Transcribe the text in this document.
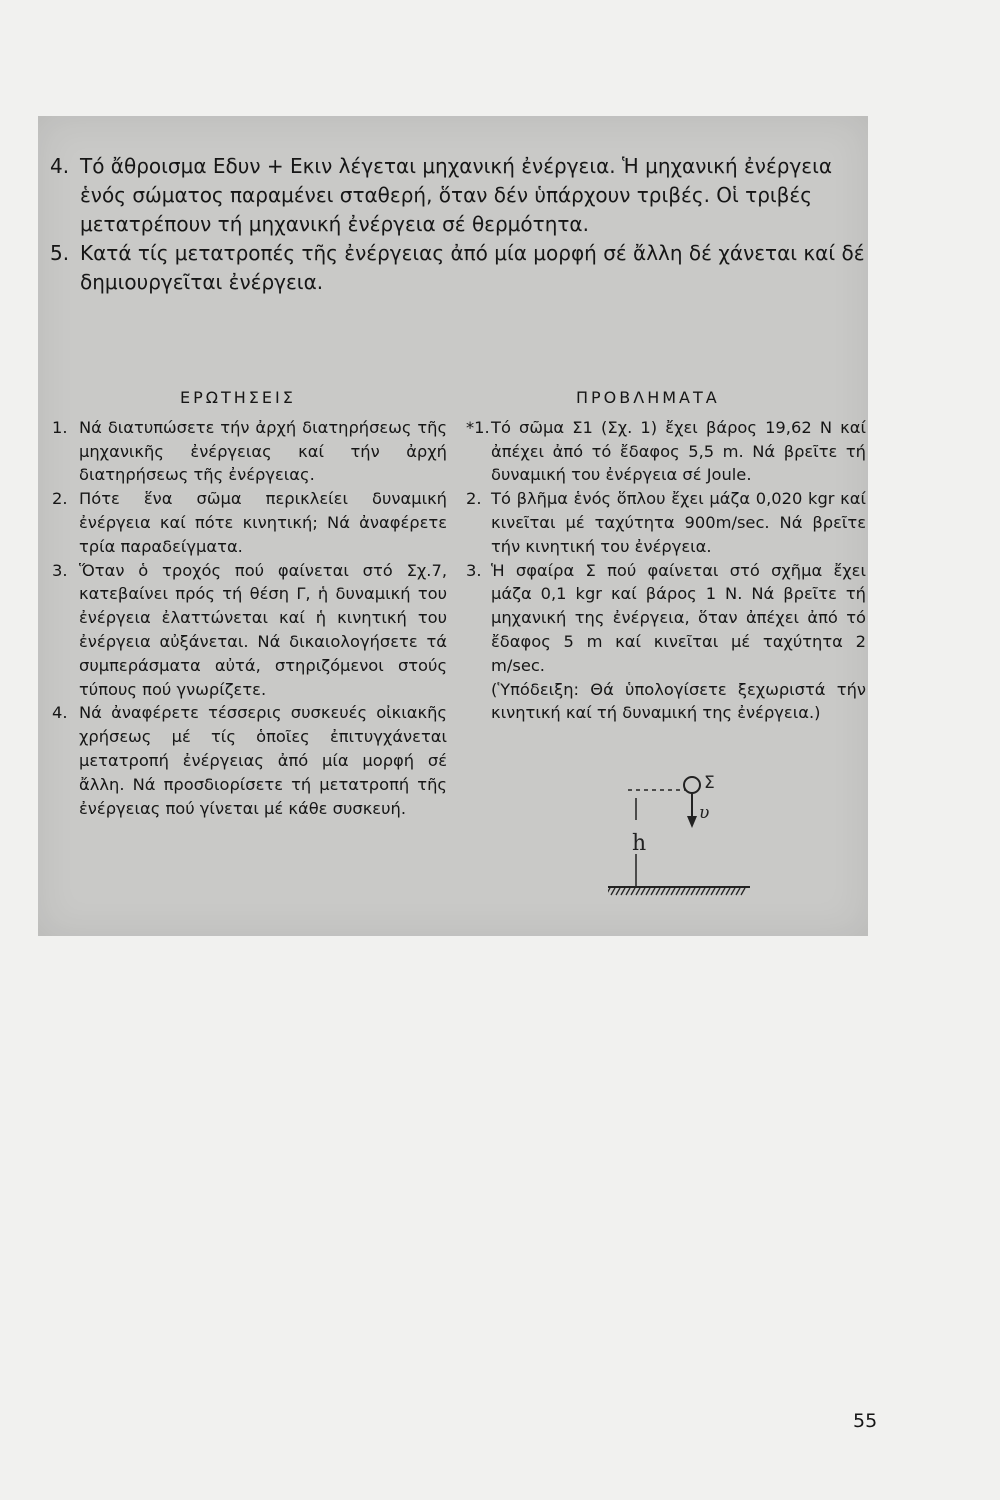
4. Τό ἄθροισμα Εδυν + Εκιν λέγεται μηχανική ἐνέργεια. Ἡ μηχανική ἐνέργεια ἑνός σώματος παραμένει σταθερή, ὅταν δέν ὑπάρχουν τριβές. Οἱ τριβές μετατρέπουν τή μηχανική ἐνέργεια σέ θερμότητα.
5. Κατά τίς μετατροπές τῆς ἐνέργειας ἀπό μία μορφή σέ ἄλλη δέ χάνεται καί δέ δημιουργεῖται ἐνέργεια.
ΕΡΩΤΗΣΕΙΣ
1. Νά διατυπώσετε τήν ἀρχή διατηρήσεως τῆς μηχανικῆς ἐνέργειας καί τήν ἀρχή διατηρήσεως τῆς ἐνέργειας.
2. Πότε ἕνα σῶμα περικλείει δυναμική ἐνέργεια καί πότε κινητική; Νά ἀναφέρετε τρία παραδείγματα.
3. Ὅταν ὁ τροχός πού φαίνεται στό Σχ.7, κατεβαίνει πρός τή θέση Γ, ἡ δυναμική του ἐνέργεια ἐλαττώνεται καί ἡ κινητική του ἐνέργεια αὐξάνεται. Νά δικαιολογήσετε τά συμπεράσματα αὐτά, στηριζόμενοι στούς τύπους πού γνωρίζετε.
4. Νά ἀναφέρετε τέσσερις συσκευές οἰκιακῆς χρήσεως μέ τίς ὁποῖες ἐπιτυγχάνεται μετατροπή ἐνέργειας ἀπό μία μορφή σέ ἄλλη. Νά προσδιορίσετε τή μετατροπή τῆς ἐνέργειας πού γίνεται μέ κάθε συσκευή.
ΠΡΟΒΛΗΜΑΤΑ
*1. Τό σῶμα Σ1 (Σχ. 1) ἔχει βάρος 19,62 Ν καί ἀπέχει ἀπό τό ἔδαφος 5,5 m. Νά βρεῖτε τή δυναμική του ἐνέργεια σέ Joule.
2. Τό βλῆμα ἑνός ὅπλου ἔχει μάζα 0,020 kgr καί κινεῖται μέ ταχύτητα 900m/sec. Νά βρεῖτε τήν κινητική του ἐνέργεια.
3. Ἡ σφαίρα Σ πού φαίνεται στό σχῆμα ἔχει μάζα 0,1 kgr καί βάρος 1 Ν. Νά βρεῖτε τή μηχανική της ἐνέργεια, ὅταν ἀπέχει ἀπό τό ἔδαφος 5 m καί κινεῖται μέ ταχύτητα 2 m/sec.
(Ὑπόδειξη: Θά ὑπολογίσετε ξεχωριστά τήν κινητική καί τή δυναμική της ἐνέργεια.)
h
Σ
υ
55
